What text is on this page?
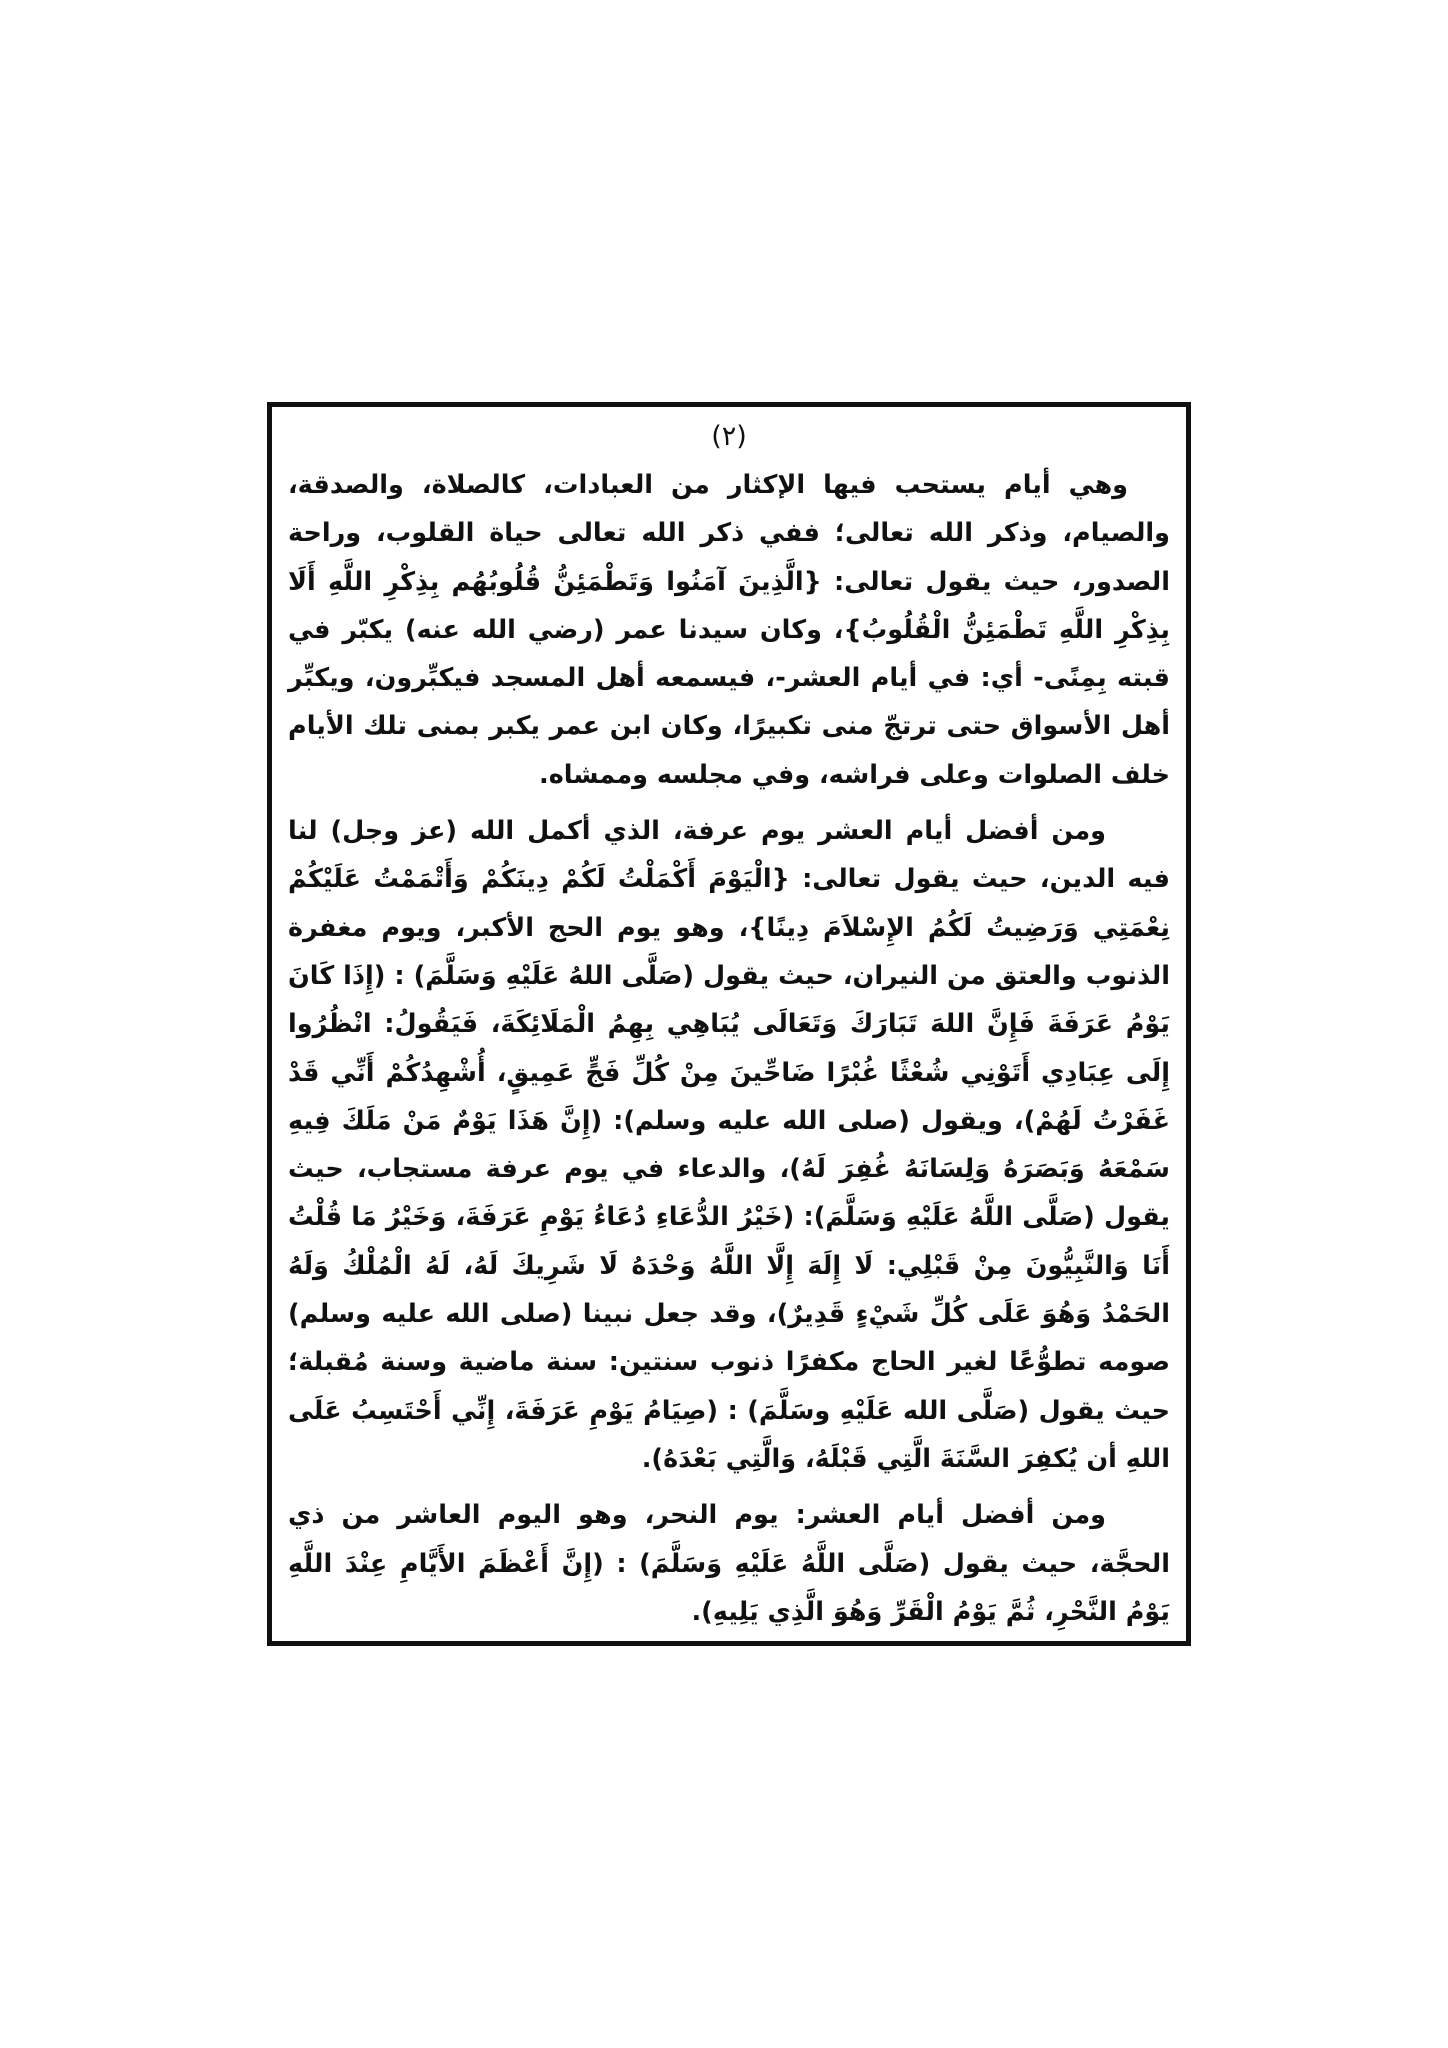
(٢)

وهي أيام يستحب فيها الإكثار من العبادات، كالصلاة، والصدقة، والصيام، وذكر الله تعالى؛ ففي ذكر الله تعالى حياة القلوب، وراحة الصدور، حيث يقول تعالى: {الَّذِينَ آمَنُوا وَتَطْمَئِنُّ قُلُوبُهُم بِذِكْرِ اللَّهِ أَلَا بِذِكْرِ اللَّهِ تَطْمَئِنُّ الْقُلُوبُ}، وكان سيدنا عمر (رضي الله عنه) يكبّر في قبته بِمِنًى- أي: في أيام العشر-، فيسمعه أهل المسجد فيكبِّرون، ويكبِّر أهل الأسواق حتى ترتجّ منى تكبيرًا، وكان ابن عمر يكبر بمنى تلك الأيام خلف الصلوات وعلى فراشه، وفي مجلسه وممشاه.

ومن أفضل أيام العشر يوم عرفة، الذي أكمل الله (عز وجل) لنا فيه الدين، حيث يقول تعالى: {الْيَوْمَ أَكْمَلْتُ لَكُمْ دِينَكُمْ وَأَتْمَمْتُ عَلَيْكُمْ نِعْمَتِي وَرَضِيتُ لَكُمُ الإِسْلاَمَ دِينًا}، وهو يوم الحج الأكبر، ويوم مغفرة الذنوب والعتق من النيران، حيث يقول (صَلَّى اللهُ عَلَيْهِ وَسَلَّمَ) : (إِذَا كَانَ يَوْمُ عَرَفَةَ فَإِنَّ اللهَ تَبَارَكَ وَتَعَالَى يُبَاهِي بِهِمُ الْمَلَائِكَةَ، فَيَقُولُ: انْظُرُوا إِلَى عِبَادِي أَتَوْنِي شُعْثًا غُبْرًا ضَاحِّينَ مِنْ كُلِّ فَجٍّ عَمِيقٍ، أُشْهِدُكُمْ أَنِّي قَدْ غَفَرْتُ لَهُمْ)، ويقول (صلى الله عليه وسلم): (إِنَّ هَذَا يَوْمٌ مَنْ مَلَكَ فِيهِ سَمْعَهُ وَبَصَرَهُ وَلِسَانَهُ غُفِرَ لَهُ)، والدعاء في يوم عرفة مستجاب، حيث يقول (صَلَّى اللَّهُ عَلَيْهِ وَسَلَّمَ): (خَيْرُ الدُّعَاءِ دُعَاءُ يَوْمِ عَرَفَةَ، وَخَيْرُ مَا قُلْتُ أَنَا وَالنَّبِيُّونَ مِنْ قَبْلِي: لَا إِلَهَ إِلَّا اللَّهُ وَحْدَهُ لَا شَرِيكَ لَهُ، لَهُ الْمُلْكُ وَلَهُ الحَمْدُ وَهُوَ عَلَى كُلِّ شَيْءٍ قَدِيرٌ)، وقد جعل نبينا (صلى الله عليه وسلم) صومه تطوُّعًا لغير الحاج مكفرًا ذنوب سنتين: سنة ماضية وسنة مُقبلة؛ حيث يقول (صَلَّى الله عَلَيْهِ وسَلَّمَ) : (صِيَامُ يَوْمِ عَرَفَةَ، إِنِّي أَحْتَسِبُ عَلَى اللهِ أن يُكفِرَ السَّنَةَ الَّتِي قَبْلَهُ، وَالَّتِي بَعْدَهُ).

ومن أفضل أيام العشر: يوم النحر، وهو اليوم العاشر من ذي الحجَّة، حيث يقول (صَلَّى اللَّهُ عَلَيْهِ وَسَلَّمَ) : (إِنَّ أَعْظَمَ الأَيَّامِ عِنْدَ اللَّهِ يَوْمُ النَّحْرِ، ثُمَّ يَوْمُ الْقَرِّ وَهُوَ الَّذِي يَلِيهِ).
